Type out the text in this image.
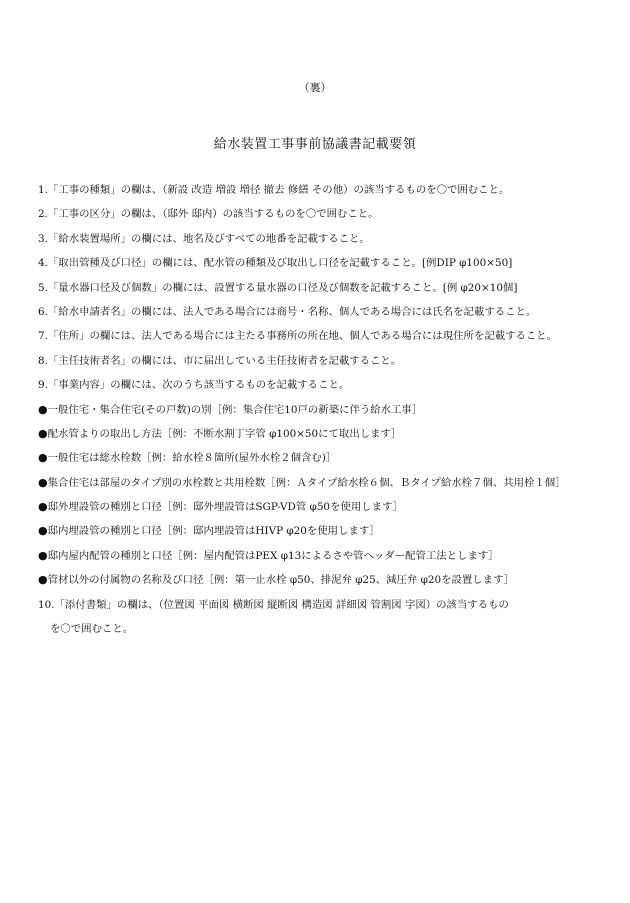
（裏）
給水装置工事事前協議書記載要領
1.「工事の種類」の欄は、（新設 改造 増設 増径 撤去 修繕 その他）の該当するものを〇で囲むこと。
2.「工事の区分」の欄は、（邸外 邸内）の該当するものを〇で囲むこと。
3.「給水装置場所」の欄には、地名及びすべての地番を記載すること。
4.「取出管種及び口径」の欄には、配水管の種類及び取出し口径を記載すること。[例DIP φ100×50]
5.「量水器口径及び個数」の欄には、設置する量水器の口径及び個数を記載すること。[例 φ20×10個]
6.「給水申請者名」の欄には、法人である場合には商号・名称、個人である場合には氏名を記載すること。
7.「住所」の欄には、法人である場合には主たる事務所の所在地、個人である場合には現住所を記載すること。
8.「主任技術者名」の欄には、市に届出している主任技術者を記載すること。
9.「事業内容」の欄には、次のうち該当するものを記載すること。
●一般住宅・集合住宅(その戸数)の別［例：集合住宅10戸の新築に伴う給水工事］
●配水管よりの取出し方法［例：不断水割丁字管 φ100×50にて取出します］
●一般住宅は総水栓数［例：給水栓８箇所(屋外水栓２個含む)］
●集合住宅は部屋のタイプ別の水栓数と共用栓数［例：Ａタイプ給水栓６個、Ｂタイプ給水栓７個、共用栓１個］
●邸外埋設管の種別と口径［例：邸外埋設管はSGP-VD管 φ50を使用します］
●邸内埋設管の種別と口径［例：邸内埋設管はHIVP φ20を使用します］
●邸内屋内配管の種別と口径［例：屋内配管はPEX φ13によるさや管ヘッダー配管工法とします］
●管材以外の付属物の名称及び口径［例：第一止水栓 φ50、排泥弁 φ25、減圧弁 φ20を設置します］
10.「添付書類」の欄は、（位置図 平面図 横断図 縦断図 構造図 詳細図 管割図 字図）の該当するもの
を〇で囲むこと。
